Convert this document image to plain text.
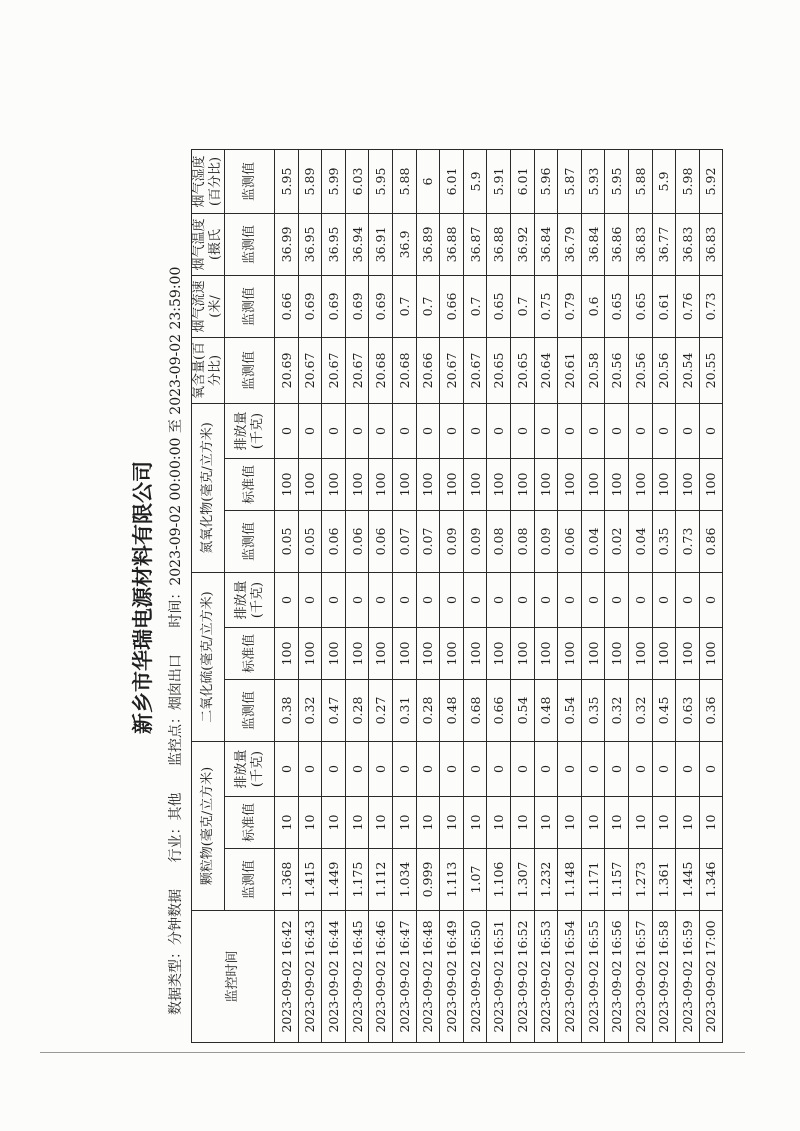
新乡市华瑞电源材料有限公司
数据类型：分钟数据 行业：其他 监控点：烟囱出口 时间：2023-09-02 00:00:00 至 2023-09-02 23:59:00
监控时间	颗粒物(毫克/立方米)			二氧化硫(毫克/立方米)			氮氧化物(毫克/立方米)			氧含量(百分比)	烟气流速(米/	烟气温度(摄氏	烟气湿度(百分比)
	监测值	标准值	排放量(千克)	监测值	标准值	排放量(千克)	监测值	标准值	排放量(千克)	监测值	监测值	监测值	监测值
2023-09-02 16:42	1.368	10	0	0.38	100	0	0.05	100	0	20.69	0.66	36.99	5.95
2023-09-02 16:43	1.415	10	0	0.32	100	0	0.05	100	0	20.67	0.69	36.95	5.89
2023-09-02 16:44	1.449	10	0	0.47	100	0	0.06	100	0	20.67	0.69	36.95	5.99
2023-09-02 16:45	1.175	10	0	0.28	100	0	0.06	100	0	20.67	0.69	36.94	6.03
2023-09-02 16:46	1.112	10	0	0.27	100	0	0.06	100	0	20.68	0.69	36.91	5.95
2023-09-02 16:47	1.034	10	0	0.31	100	0	0.07	100	0	20.68	0.7	36.9	5.88
2023-09-02 16:48	0.999	10	0	0.28	100	0	0.07	100	0	20.66	0.7	36.89	6
2023-09-02 16:49	1.113	10	0	0.48	100	0	0.09	100	0	20.67	0.66	36.88	6.01
2023-09-02 16:50	1.07	10	0	0.68	100	0	0.09	100	0	20.67	0.7	36.87	5.9
2023-09-02 16:51	1.106	10	0	0.66	100	0	0.08	100	0	20.65	0.65	36.88	5.91
2023-09-02 16:52	1.307	10	0	0.54	100	0	0.08	100	0	20.65	0.7	36.92	6.01
2023-09-02 16:53	1.232	10	0	0.48	100	0	0.09	100	0	20.64	0.75	36.84	5.96
2023-09-02 16:54	1.148	10	0	0.54	100	0	0.06	100	0	20.61	0.79	36.79	5.87
2023-09-02 16:55	1.171	10	0	0.35	100	0	0.04	100	0	20.58	0.6	36.84	5.93
2023-09-02 16:56	1.157	10	0	0.32	100	0	0.02	100	0	20.56	0.65	36.86	5.95
2023-09-02 16:57	1.273	10	0	0.32	100	0	0.04	100	0	20.56	0.65	36.83	5.88
2023-09-02 16:58	1.361	10	0	0.45	100	0	0.35	100	0	20.56	0.61	36.77	5.9
2023-09-02 16:59	1.445	10	0	0.63	100	0	0.73	100	0	20.54	0.76	36.83	5.98
2023-09-02 17:00	1.346	10	0	0.36	100	0	0.86	100	0	20.55	0.73	36.83	5.92
